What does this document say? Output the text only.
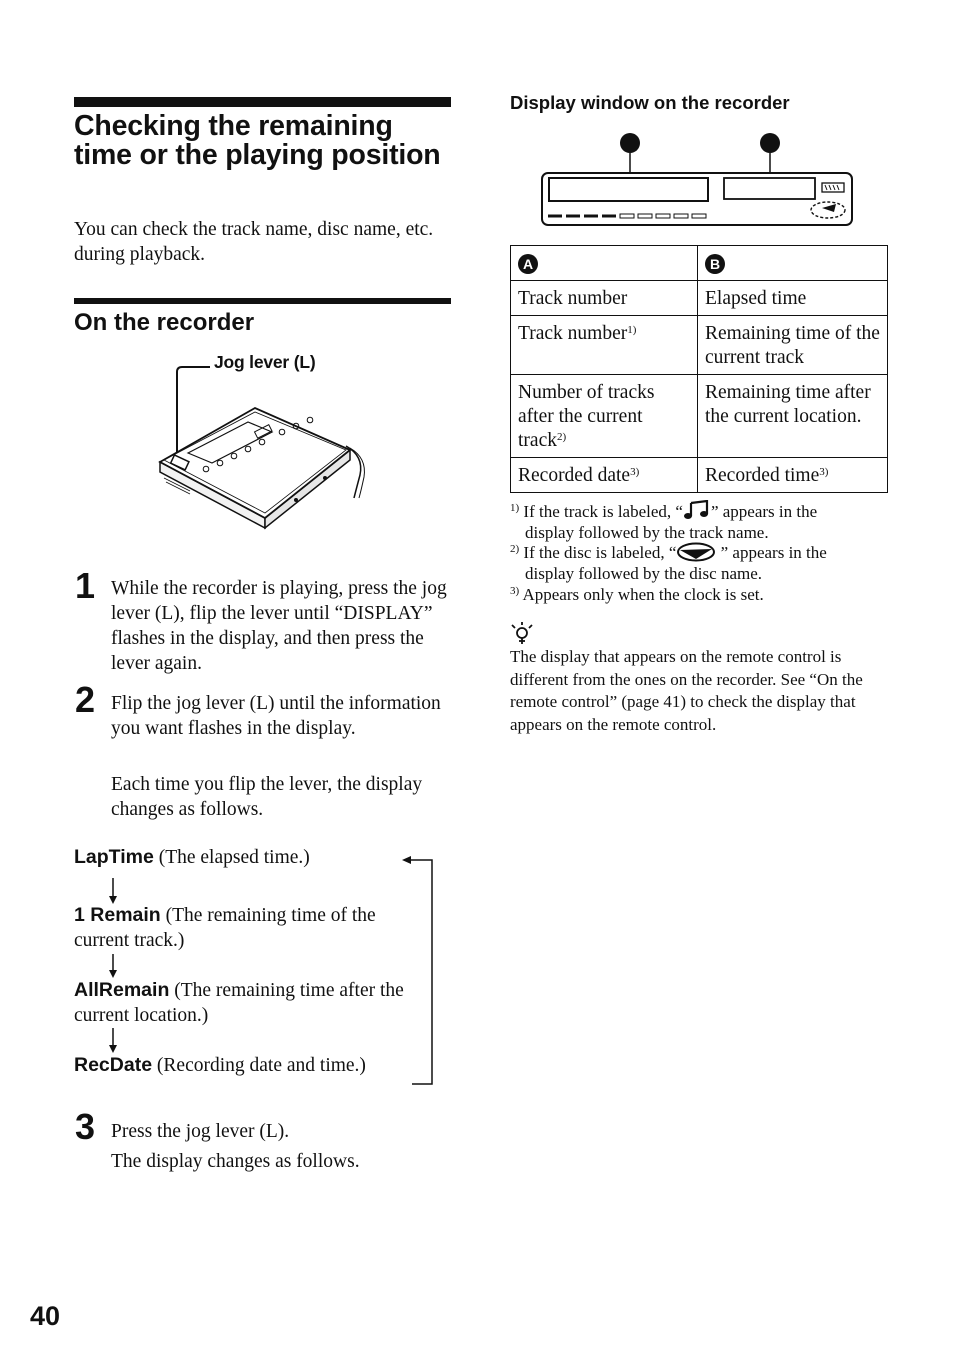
Checking the remaining time or the playing position
You can check the track name, disc name, etc. during playback.
On the recorder
Jog lever (L)
1 While the recorder is playing, press the jog lever (L), flip the lever until “DISPLAY” flashes in the display, and then press the lever again.
2 Flip the jog lever (L) until the information you want flashes in the display.
Each time you flip the lever, the display changes as follows.
LapTime (The elapsed time.)
1 Remain (The remaining time of the current track.)
AllRemain (The remaining time after the current location.)
RecDate (Recording date and time.)
3 Press the jog lever (L).
The display changes as follows.
Display window on the recorder
A	B
Track number	Elapsed time
Track number$^{1)}$	Remaining time of the current track
Number of tracks after the current track$^{2)}$	Remaining time after the current location.
Recorded date$^{3)}$	Recorded time$^{3)}$
$^{1)}$ If the track is labeled, “ ” appears in the
display followed by the track name.
$^{2)}$ If the disc is labeled, “ ” appears in the
display followed by the disc name.
$^{3)}$ Appears only when the clock is set.
The display that appears on the remote control is different from the ones on the recorder. See “On the remote control” (page 41) to check the display that appears on the remote control.
40
